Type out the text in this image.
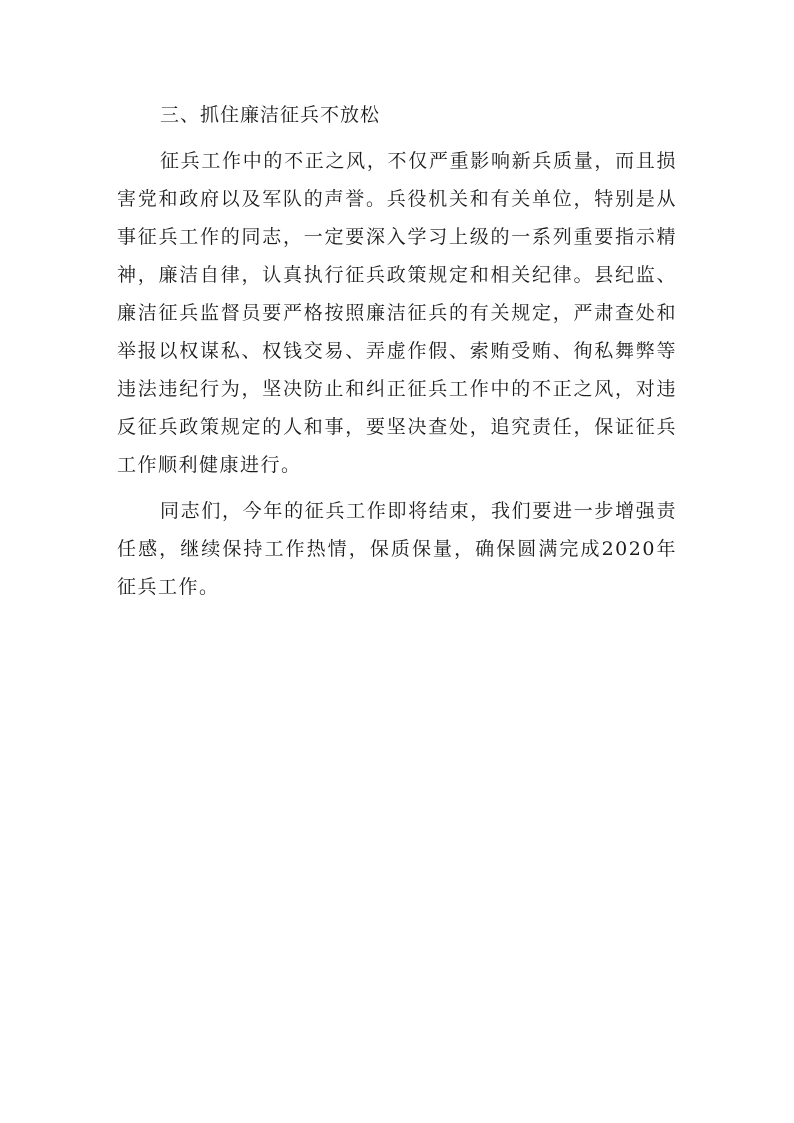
三、抓住廉洁征兵不放松

征兵工作中的不正之风，不仅严重影响新兵质量，而且损害党和政府以及军队的声誉。兵役机关和有关单位，特别是从事征兵工作的同志，一定要深入学习上级的一系列重要指示精神，廉洁自律，认真执行征兵政策规定和相关纪律。县纪监、廉洁征兵监督员要严格按照廉洁征兵的有关规定，严肃查处和举报以权谋私、权钱交易、弄虚作假、索贿受贿、徇私舞弊等违法违纪行为，坚决防止和纠正征兵工作中的不正之风，对违反征兵政策规定的人和事，要坚决查处，追究责任，保证征兵工作顺利健康进行。

同志们，今年的征兵工作即将结束，我们要进一步增强责任感，继续保持工作热情，保质保量，确保圆满完成2020年征兵工作。
